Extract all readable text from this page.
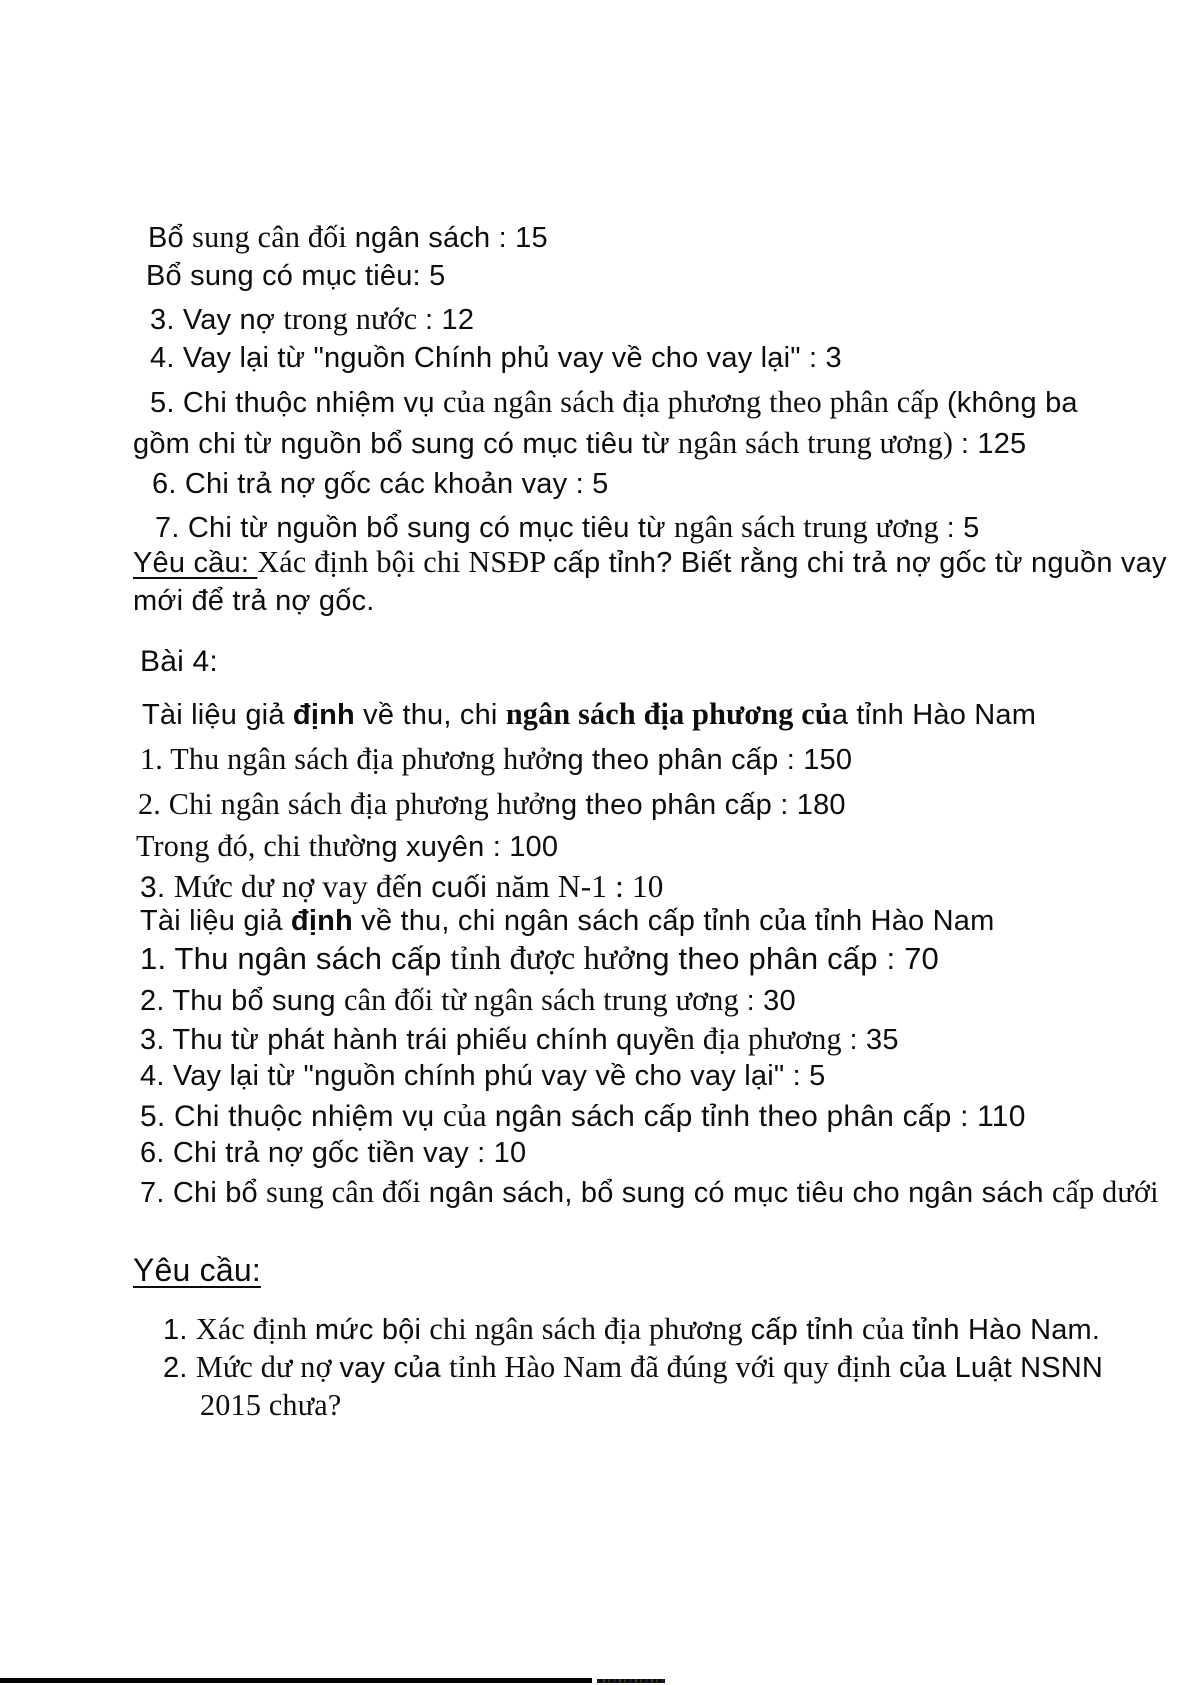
Bổ sung cân đối ngân sách : 15

Bổ sung có mục tiêu: 5

3. Vay nợ trong nước : 12

4. Vay lại từ "nguồn Chính phủ vay về cho vay lại" : 3

5. Chi thuộc nhiệm vụ của ngân sách địa phương theo phân cấp (không ba

gồm chi từ nguồn bổ sung có mục tiêu từ ngân sách trung ương) : 125

6. Chi trả nợ gốc các khoản vay : 5

7. Chi từ nguồn bổ sung có mục tiêu từ ngân sách trung ương : 5

Yêu cầu: Xác định bội chi NSĐP cấp tỉnh? Biết rằng chi trả nợ gốc từ nguồn vay

mới để trả nợ gốc.

Bài 4:

Tài liệu giả định về thu, chi ngân sách địa phương của tỉnh Hào Nam

1. Thu ngân sách địa phương hưởng theo phân cấp : 150

2. Chi ngân sách địa phương hưởng theo phân cấp : 180

Trong đó, chi thường xuyên : 100

3. Mức dư nợ vay đến cuối năm N-1 : 10

Tài liệu giả định về thu, chi ngân sách cấp tỉnh của tỉnh Hào Nam

1. Thu ngân sách cấp tỉnh được hưởng theo phân cấp : 70

2. Thu bổ sung cân đối từ ngân sách trung ương : 30

3. Thu từ phát hành trái phiếu chính quyền địa phương : 35

4. Vay lại từ "nguồn chính phú vay về cho vay lại" : 5

5. Chi thuộc nhiệm vụ của ngân sách cấp tỉnh theo phân cấp : 110

6. Chi trả nợ gốc tiền vay : 10

7. Chi bổ sung cân đối ngân sách, bổ sung có mục tiêu cho ngân sách cấp dưới

Yêu cầu:

1. Xác định mức bội chi ngân sách địa phương cấp tỉnh của tỉnh Hào Nam.

2. Mức dư nợ vay của tỉnh Hào Nam đã đúng với quy định của Luật NSNN

2015 chưa?
